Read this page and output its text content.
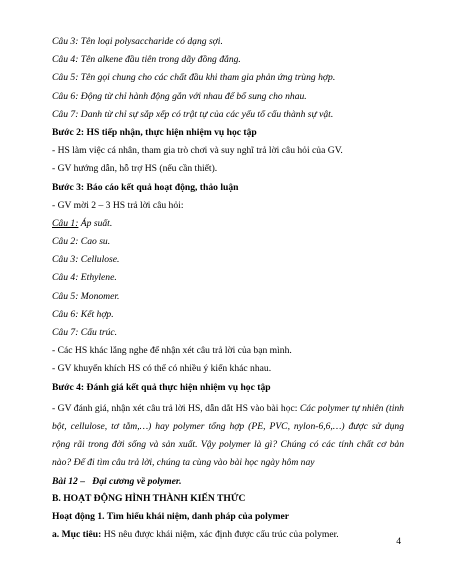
Câu 3: Tên loại polysaccharide có dạng sợi.
Câu 4: Tên alkene đầu tiên trong dãy đồng đẳng.
Câu 5: Tên gọi chung cho các chất đầu khi tham gia phản ứng trùng hợp.
Câu 6: Động từ chỉ hành động gắn với nhau để bổ sung cho nhau.
Câu 7: Danh từ chỉ sự sắp xếp có trật tự của các yếu tố cấu thành sự vật.
Bước 2: HS tiếp nhận, thực hiện nhiệm vụ học tập
- HS làm việc cá nhân, tham gia trò chơi và suy nghĩ trả lời câu hỏi của GV.
- GV hướng dẫn, hỗ trợ HS (nếu cần thiết).
Bước 3: Báo cáo kết quả hoạt động, thảo luận
- GV mời 2 – 3 HS trả lời câu hỏi:
Câu 1: Áp suất.
Câu 2: Cao su.
Câu 3: Cellulose.
Câu 4: Ethylene.
Câu 5: Monomer.
Câu 6: Kết hợp.
Câu 7: Cấu trúc.
- Các HS khác lắng nghe để nhận xét câu trả lời của bạn mình.
- GV khuyến khích HS có thể có nhiều ý kiến khác nhau.
Bước 4: Đánh giá kết quả thực hiện nhiệm vụ học tập

- GV đánh giá, nhận xét câu trả lời HS, dẫn dắt HS vào bài học: Các polymer tự nhiên (tinh bột, cellulose, tơ tằm,…) hay polymer tổng hợp (PE, PVC, nylon-6,6,…) được sử dụng rộng rãi trong đời sống và sản xuất. Vậy polymer là gì? Chúng có các tính chất cơ bản nào? Để đi tìm câu trả lời, chúng ta cùng vào bài học ngày hôm nay
Bài 12 – Đại cương về polymer.

B. HOẠT ĐỘNG HÌNH THÀNH KIẾN THỨC
Hoạt động 1. Tìm hiểu khái niệm, danh pháp của polymer
a. Mục tiêu: HS nêu được khái niệm, xác định được cấu trúc của polymer.
4
